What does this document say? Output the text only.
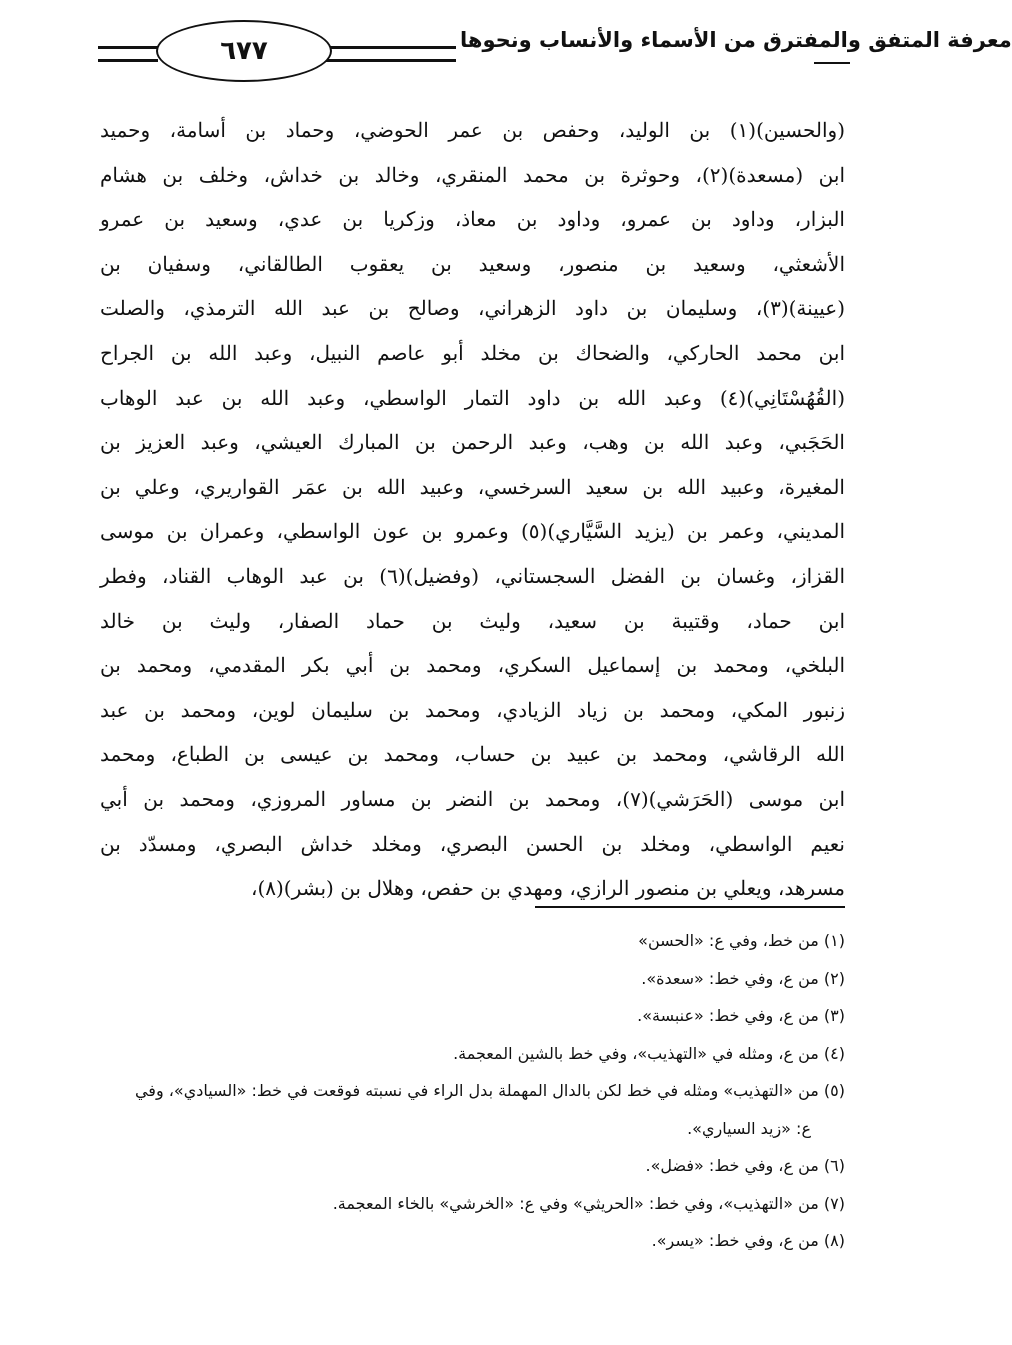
٦٧٧	معرفة المتفق والمفترق من الأسماء والأنساب ونحوها
(والحسين)(١) بن الوليد، وحفص بن عمر الحوضي، وحماد بن أسامة، وحميد
ابن (مسعدة)(٢)، وحوثرة بن محمد المنقري، وخالد بن خداش، وخلف بن هشام
البزار، وداود بن عمرو، وداود بن معاذ، وزكريا بن عدي، وسعيد بن عمرو
الأشعثي، وسعيد بن منصور، وسعيد بن يعقوب الطالقاني، وسفيان بن
(عيينة)(٣)، وسليمان بن داود الزهراني، وصالح بن عبد الله الترمذي، والصلت
ابن محمد الحاركي، والضحاك بن مخلد أبو عاصم النبيل، وعبد الله بن الجراح
(القُهُسْتَانِي)(٤) وعبد الله بن داود التمار الواسطي، وعبد الله بن عبد الوهاب
الحَجَبي، وعبد الله بن وهب، وعبد الرحمن بن المبارك العيشي، وعبد العزيز بن
المغيرة، وعبيد الله بن سعيد السرخسي، وعبيد الله بن عمَر القواريري، وعلي بن
المديني، وعمر بن (يزيد السَّيَّاري)(٥) وعمرو بن عون الواسطي، وعمران بن موسى
القزاز، وغسان بن الفضل السجستاني، (وفضيل)(٦) بن عبد الوهاب القناد، وفطر
ابن حماد، وقتيبة بن سعيد، وليث بن حماد الصفار، وليث بن خالد
البلخي، ومحمد بن إسماعيل السكري، ومحمد بن أبي بكر المقدمي، ومحمد بن
زنبور المكي، ومحمد بن زياد الزيادي، ومحمد بن سليمان لوين، ومحمد بن عبد
الله الرقاشي، ومحمد بن عبيد بن حساب، ومحمد بن عيسى بن الطباع، ومحمد
ابن موسى (الحَرَشي)(٧)، ومحمد بن النضر بن مساور المروزي، ومحمد بن أبي
نعيم الواسطي، ومخلد بن الحسن البصري، ومخلد خداش البصري، ومسدّد بن
مسرهد، ويعلي بن منصور الرازي، ومهدي بن حفص، وهلال بن (بشر)(٨)،
(١) من خط، وفي ع: «الحسن»
(٢) من ع، وفي خط: «سعدة».
(٣) من ع، وفي خط: «عنبسة».
(٤) من ع، ومثله في «التهذيب»، وفي خط بالشين المعجمة.
(٥) من «التهذيب» ومثله في خط لكن بالدال المهملة بدل الراء في نسبته فوقعت في خط: «السيادي»، وفي
ع: «زيد السياري».
(٦) من ع، وفي خط: «فضل».
(٧) من «التهذيب»، وفي خط: «الحريثي» وفي ع: «الخرشي» بالخاء المعجمة.
(٨) من ع، وفي خط: «يسر».
